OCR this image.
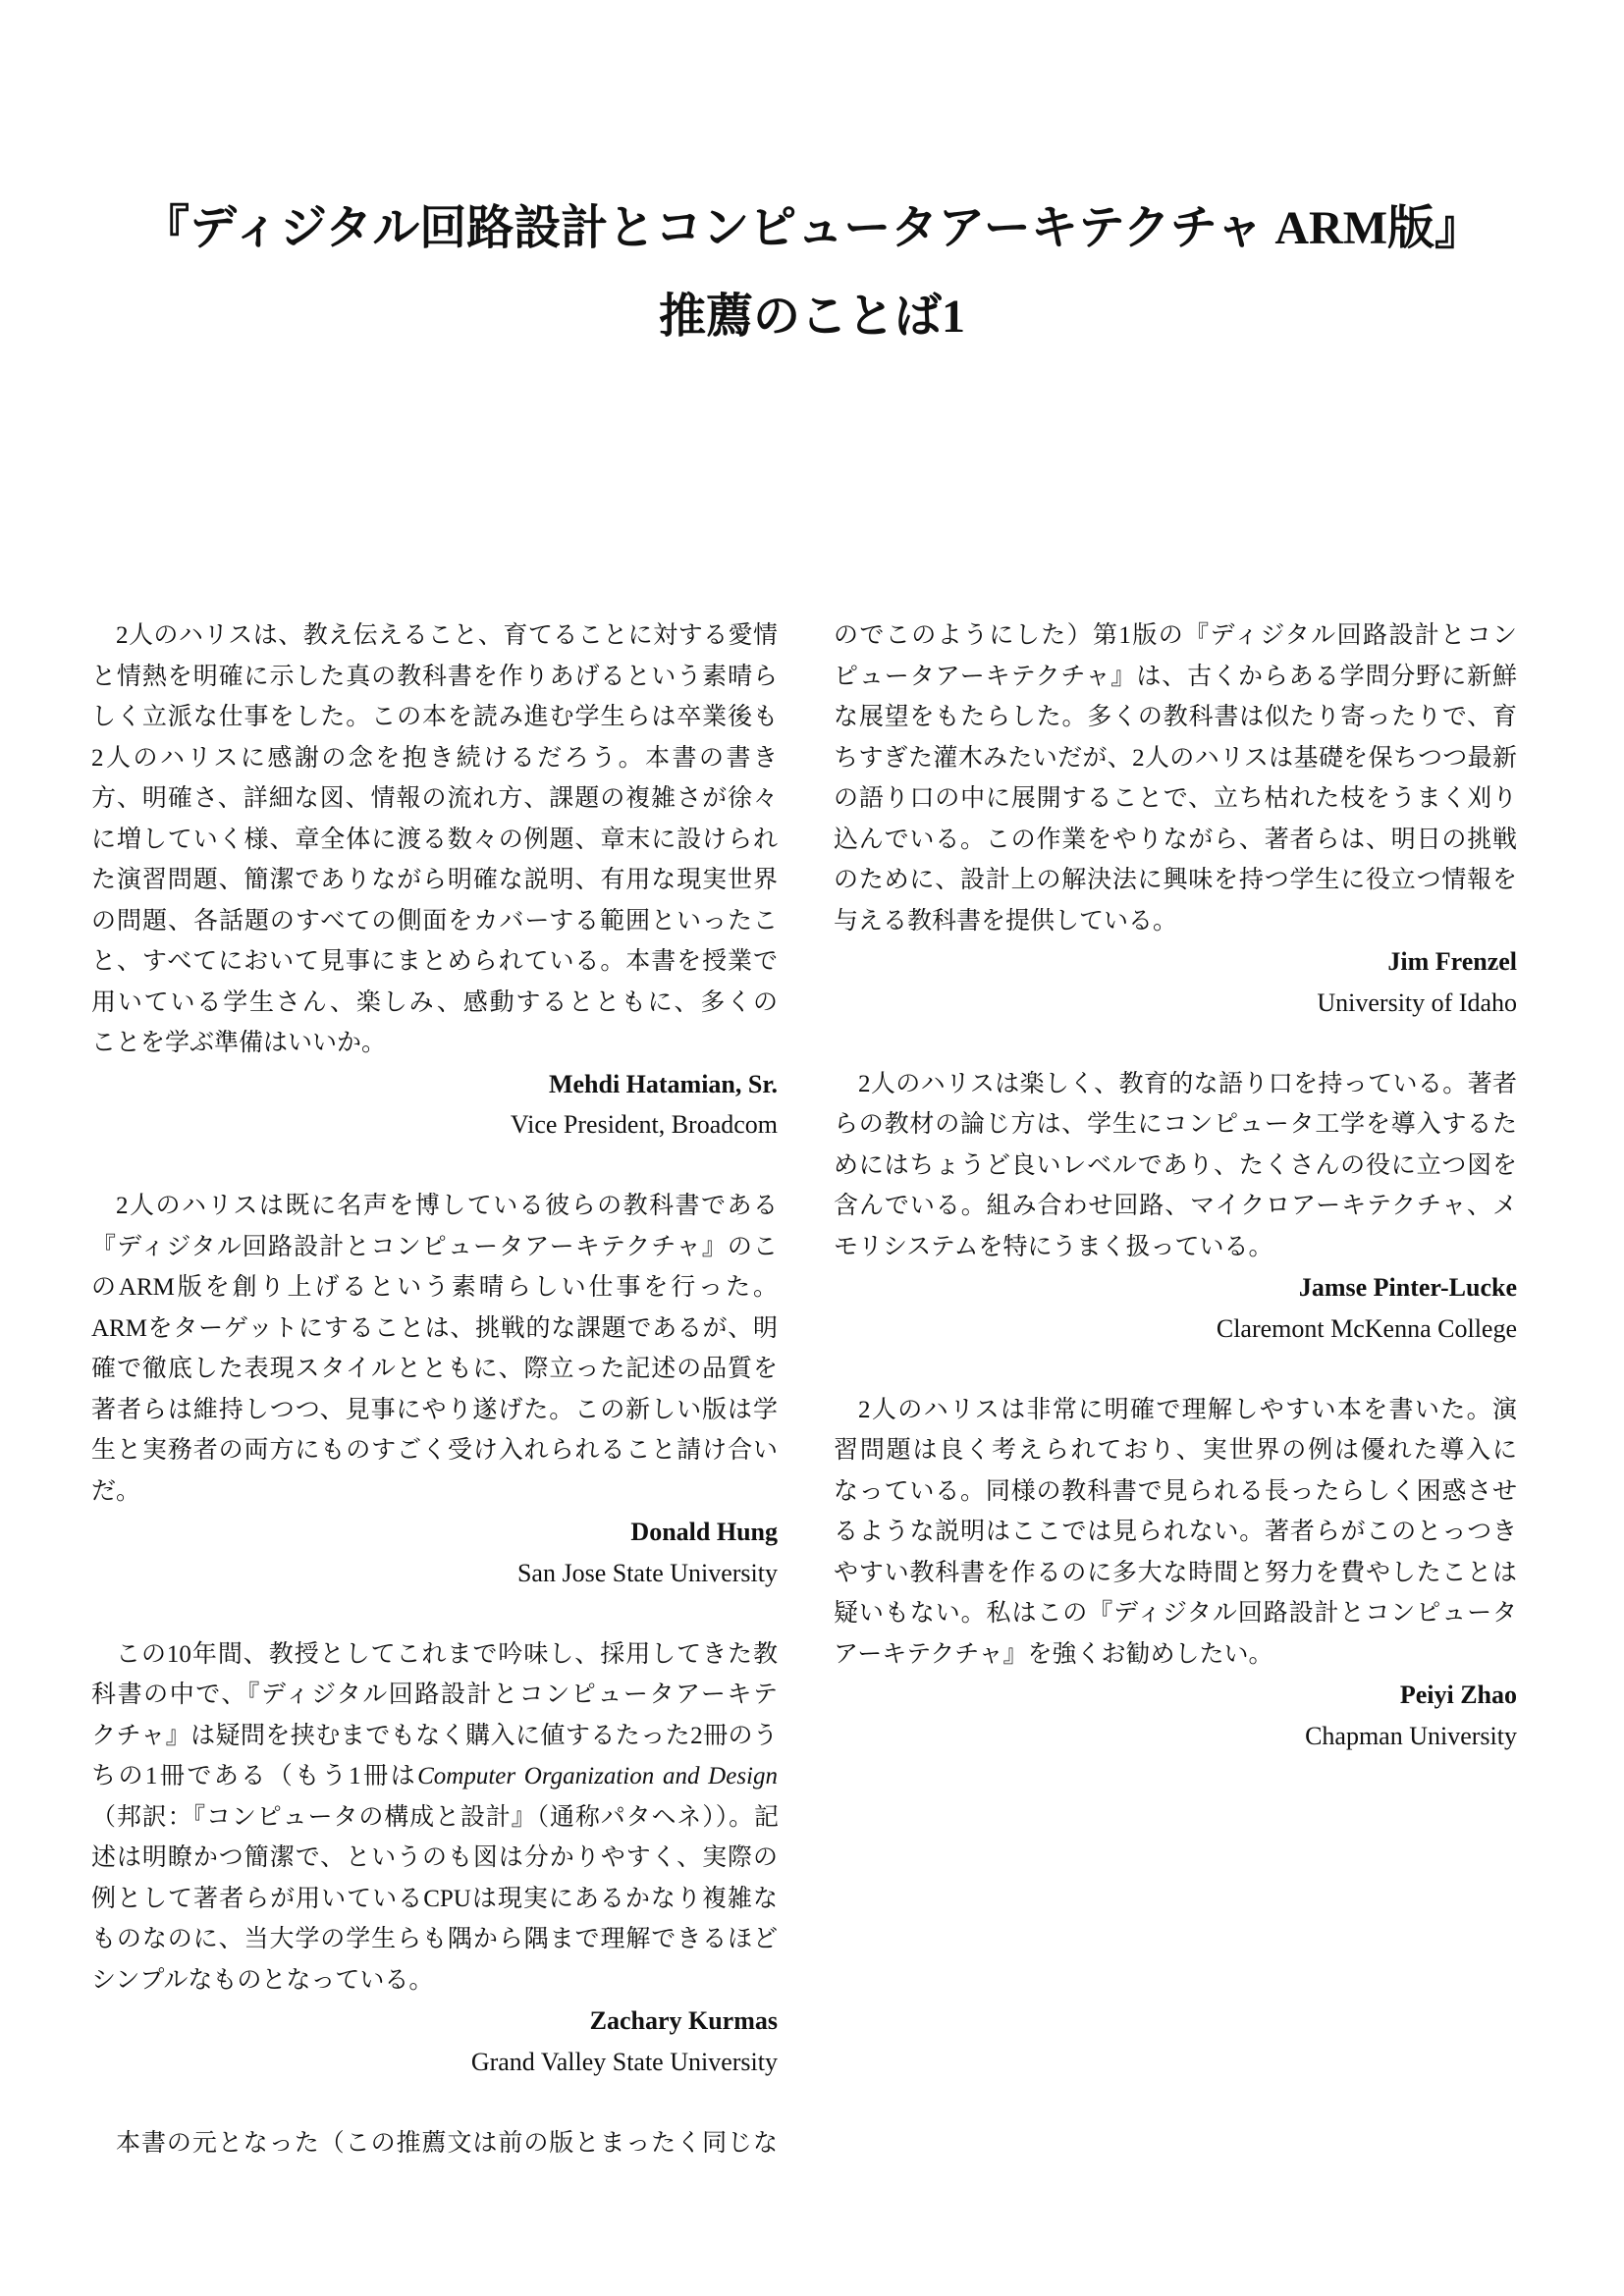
『ディジタル回路設計とコンピュータアーキテクチャ ARM版』
推薦のことば1
2人のハリスは、教え伝えること、育てることに対する愛情
と情熱を明確に示した真の教科書を作りあげるという素晴ら
しく立派な仕事をした。この本を読み進む学生らは卒業後も
2人のハリスに感謝の念を抱き続けるだろう。本書の書き
方、明確さ、詳細な図、情報の流れ方、課題の複雑さが徐々
に増していく様、章全体に渡る数々の例題、章末に設けられ
た演習問題、簡潔でありながら明確な説明、有用な現実世界
の問題、各話題のすべての側面をカバーする範囲といったこ
と、すべてにおいて見事にまとめられている。本書を授業で
用いている学生さん、楽しみ、感動するとともに、多くの
ことを学ぶ準備はいいか。
Mehdi Hatamian, Sr.
Vice President, Broadcom
2人のハリスは既に名声を博している彼らの教科書である
『ディジタル回路設計とコンピュータアーキテクチャ』のこ
のARM版を創り上げるという素晴らしい仕事を行った。
ARMをターゲットにすることは、挑戦的な課題であるが、明
確で徹底した表現スタイルとともに、際立った記述の品質を
著者らは維持しつつ、見事にやり遂げた。この新しい版は学
生と実務者の両方にものすごく受け入れられること請け合い
だ。
Donald Hung
San Jose State University
この10年間、教授としてこれまで吟味し、採用してきた教
科書の中で、『ディジタル回路設計とコンピュータアーキテ
クチャ』は疑問を挟むまでもなく購入に値するたった2冊のう
ちの1冊である（もう1冊はComputer Organization and Design
（邦訳：『コンピュータの構成と設計』（通称パタヘネ））。記
述は明瞭かつ簡潔で、というのも図は分かりやすく、実際の
例として著者らが用いているCPUは現実にあるかなり複雑な
ものなのに、当大学の学生らも隅から隅まで理解できるほど
シンプルなものとなっている。
Zachary Kurmas
Grand Valley State University
本書の元となった（この推薦文は前の版とまったく同じな
のでこのようにした）第1版の『ディジタル回路設計とコン
ピュータアーキテクチャ』は、古くからある学問分野に新鮮
な展望をもたらした。多くの教科書は似たり寄ったりで、育
ちすぎた灌木みたいだが、2人のハリスは基礎を保ちつつ最新
の語り口の中に展開することで、立ち枯れた枝をうまく刈り
込んでいる。この作業をやりながら、著者らは、明日の挑戦
のために、設計上の解決法に興味を持つ学生に役立つ情報を
与える教科書を提供している。
Jim Frenzel
University of Idaho
2人のハリスは楽しく、教育的な語り口を持っている。著者
らの教材の論じ方は、学生にコンピュータ工学を導入するた
めにはちょうど良いレベルであり、たくさんの役に立つ図を
含んでいる。組み合わせ回路、マイクロアーキテクチャ、メ
モリシステムを特にうまく扱っている。
Jamse Pinter-Lucke
Claremont McKenna College
2人のハリスは非常に明確で理解しやすい本を書いた。演
習問題は良く考えられており、実世界の例は優れた導入に
なっている。同様の教科書で見られる長ったらしく困惑させ
るような説明はここでは見られない。著者らがこのとっつき
やすい教科書を作るのに多大な時間と努力を費やしたことは
疑いもない。私はこの『ディジタル回路設計とコンピュータ
アーキテクチャ』を強くお勧めしたい。
Peiyi Zhao
Chapman University
